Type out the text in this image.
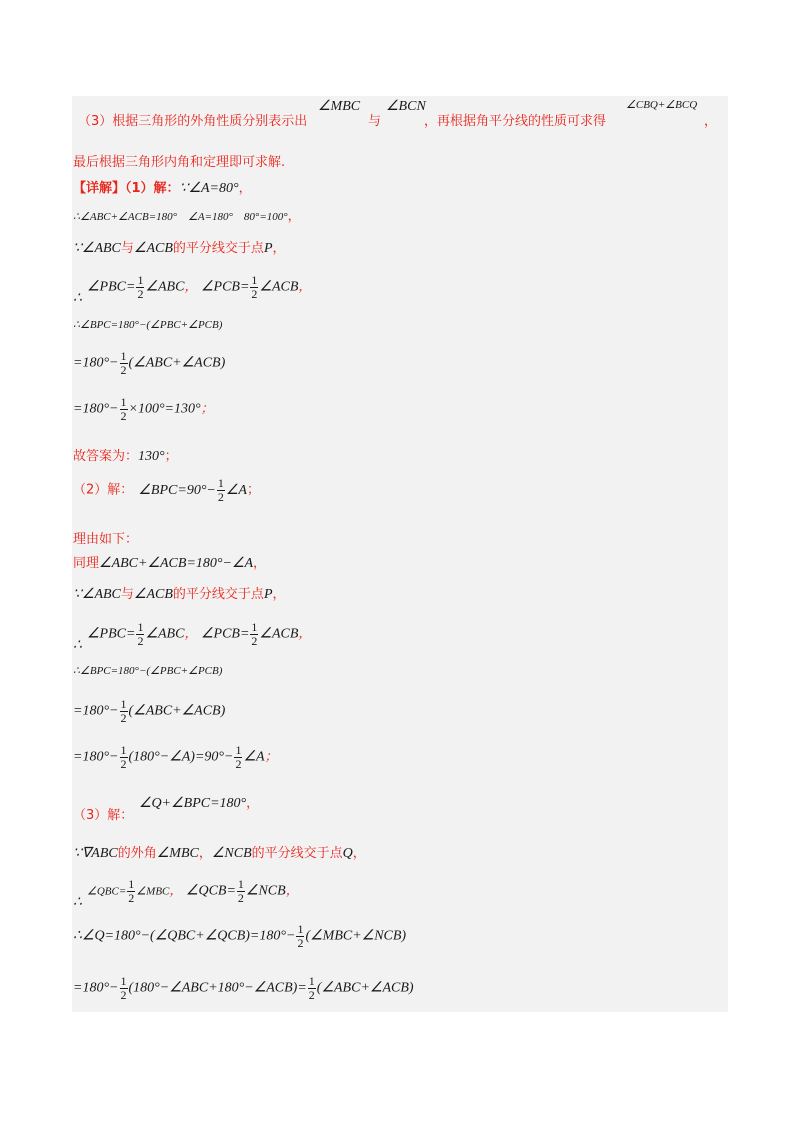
（3）根据三角形的外角性质分别表示出
∠MBC
与
∠BCN
，再根据角平分线的性质可求得
∠CBQ+∠BCQ
，
最后根据三角形内角和定理即可求解.
【详解】（1）解：∵∠A=80°，
∴∠ABC+∠ACB=180°　∠A=180°　80°=100°，
∵∠ABC与∠ACB的平分线交于点P，
∠PBC= $\frac{1}{2}$ ∠ABC， ∠PCB= $\frac{1}{2}$ ∠ACB，
∴
∴∠BPC=180°−(∠PBC+∠PCB)
$=180^\circ- \frac{1}{2}$ (∠ABC+∠ACB)
$=180^\circ- \frac{1}{2} \times 100^\circ=130^\circ$；
故答案为：130°；
（2）解： ∠BPC=90°− $\frac{1}{2}$ ∠A；
理由如下：
同理∠ABC+∠ACB=180°−∠A，
∵∠ABC与∠ACB的平分线交于点P，
∠PBC= $\frac{1}{2}$ ∠ABC， ∠PCB= $\frac{1}{2}$ ∠ACB，
∴
∴∠BPC=180°−(∠PBC+∠PCB)
$=180^\circ- \frac{1}{2}$ (∠ABC+∠ACB)
$=180^\circ- \frac{1}{2}$ (180°−∠A)=90°− $\frac{1}{2}$ ∠A；
（3）解：
∠Q+∠BPC=180°，
∵∇ABC的外角∠MBC，∠NCB的平分线交于点Q，
∠QBC= $\frac{1}{2}$ ∠MBC， ∠QCB= $\frac{1}{2}$ ∠NCB，
∴
∴∠Q=180°−(∠QBC+∠QCB)=180°− $\frac{1}{2}$ (∠MBC+∠NCB)
$=180^\circ- \frac{1}{2}$ (180°−∠ABC+180°−∠ACB)= $\frac{1}{2}$ (∠ABC+∠ACB)
